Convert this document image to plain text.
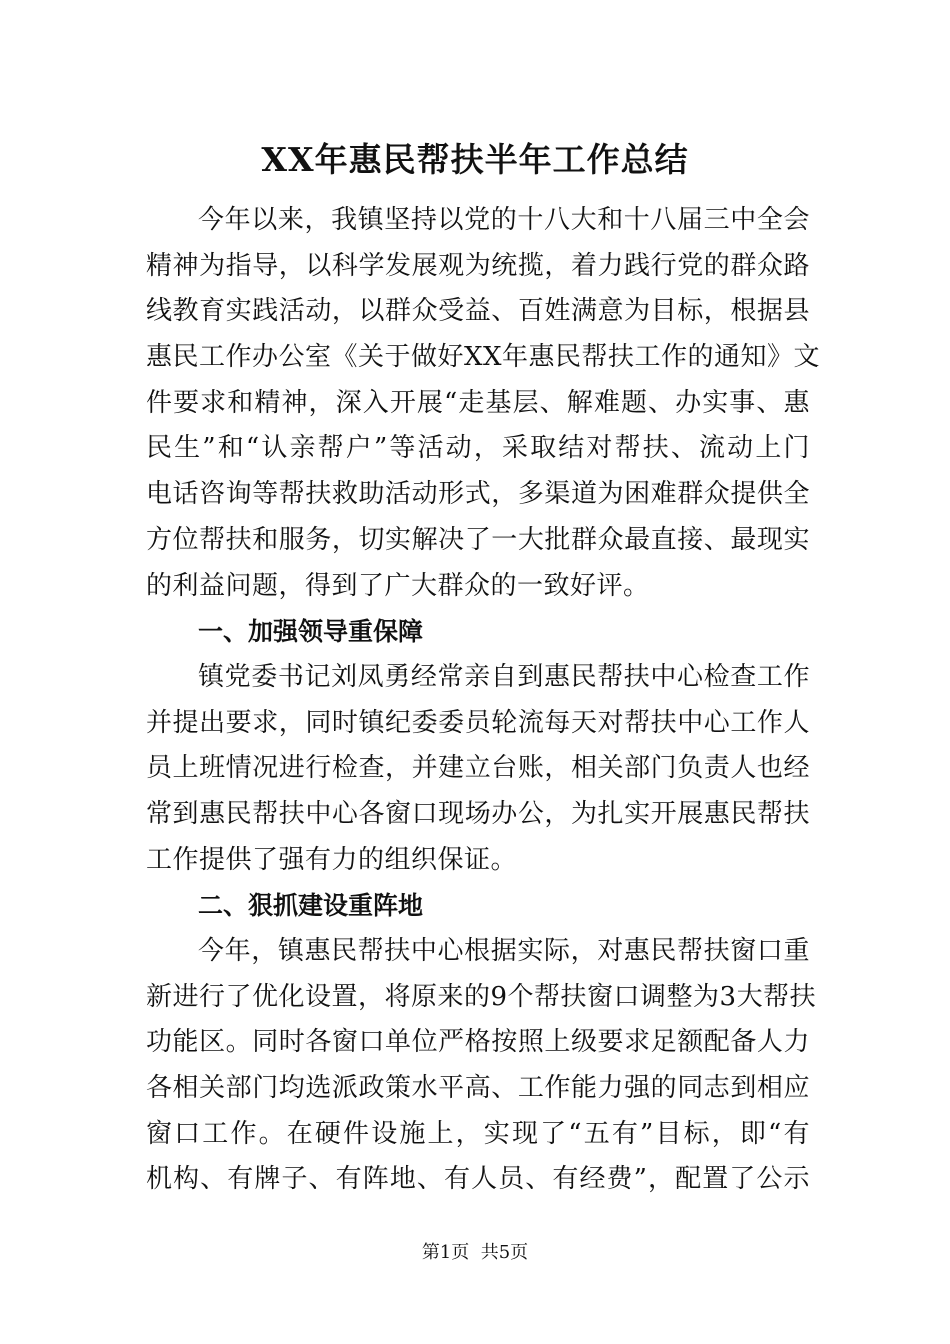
XX年惠民帮扶半年工作总结
今年以来，我镇坚持以党的十八大和十八届三中全会
精神为指导，以科学发展观为统揽，着力践行党的群众路
线教育实践活动，以群众受益、百姓满意为目标，根据县
惠民工作办公室《关于做好XX年惠民帮扶工作的通知》文
件要求和精神，深入开展“走基层、解难题、办实事、惠
民生”和“认亲帮户”等活动，采取结对帮扶、流动上门
电话咨询等帮扶救助活动形式，多渠道为困难群众提供全
方位帮扶和服务，切实解决了一大批群众最直接、最现实
的利益问题，得到了广大群众的一致好评。
一、加强领导重保障
镇党委书记刘凤勇经常亲自到惠民帮扶中心检查工作
并提出要求，同时镇纪委委员轮流每天对帮扶中心工作人
员上班情况进行检查，并建立台账，相关部门负责人也经
常到惠民帮扶中心各窗口现场办公，为扎实开展惠民帮扶
工作提供了强有力的组织保证。
二、狠抓建设重阵地
今年，镇惠民帮扶中心根据实际，对惠民帮扶窗口重
新进行了优化设置，将原来的9个帮扶窗口调整为3大帮扶
功能区。同时各窗口单位严格按照上级要求足额配备人力
各相关部门均选派政策水平高、工作能力强的同志到相应
窗口工作。在硬件设施上，实现了“五有”目标，即“有
机构、有牌子、有阵地、有人员、有经费”，配置了公示
第1页  共5页
